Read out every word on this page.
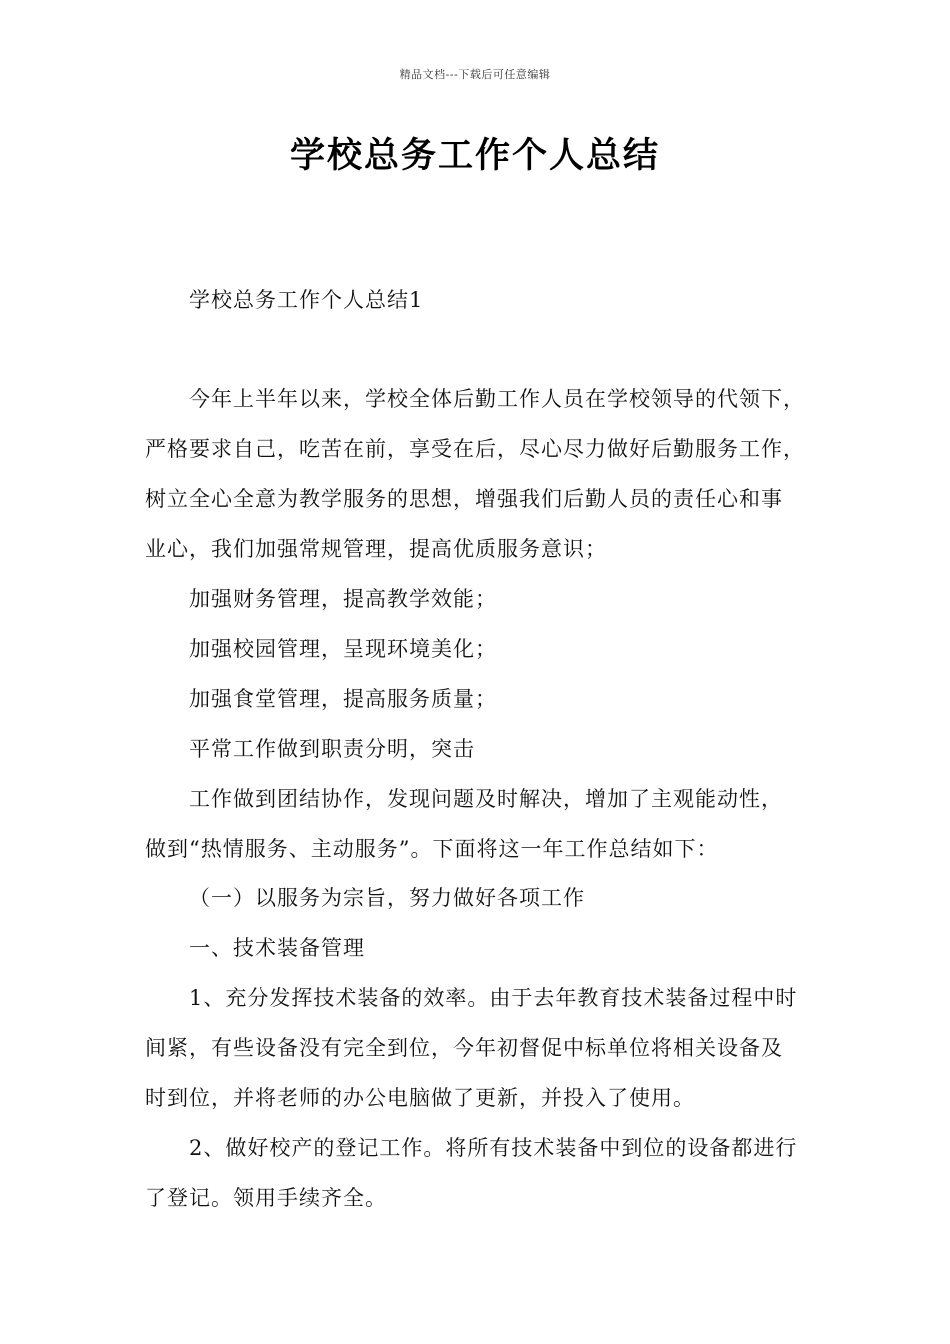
精品文档---下载后可任意编辑
学校总务工作个人总结
学校总务工作个人总结1
今年上半年以来，学校全体后勤工作人员在学校领导的代领下，
严格要求自己，吃苦在前，享受在后，尽心尽力做好后勤服务工作，
树立全心全意为教学服务的思想，增强我们后勤人员的责任心和事
业心，我们加强常规管理，提高优质服务意识；
加强财务管理，提高教学效能；
加强校园管理，呈现环境美化；
加强食堂管理，提高服务质量；
平常工作做到职责分明，突击
工作做到团结协作，发现问题及时解决，增加了主观能动性，
做到“热情服务、主动服务”。下面将这一年工作总结如下：
（一）以服务为宗旨，努力做好各项工作
一、技术装备管理
1、充分发挥技术装备的效率。由于去年教育技术装备过程中时
间紧，有些设备没有完全到位，今年初督促中标单位将相关设备及
时到位，并将老师的办公电脑做了更新，并投入了使用。
2、做好校产的登记工作。将所有技术装备中到位的设备都进行
了登记。领用手续齐全。
